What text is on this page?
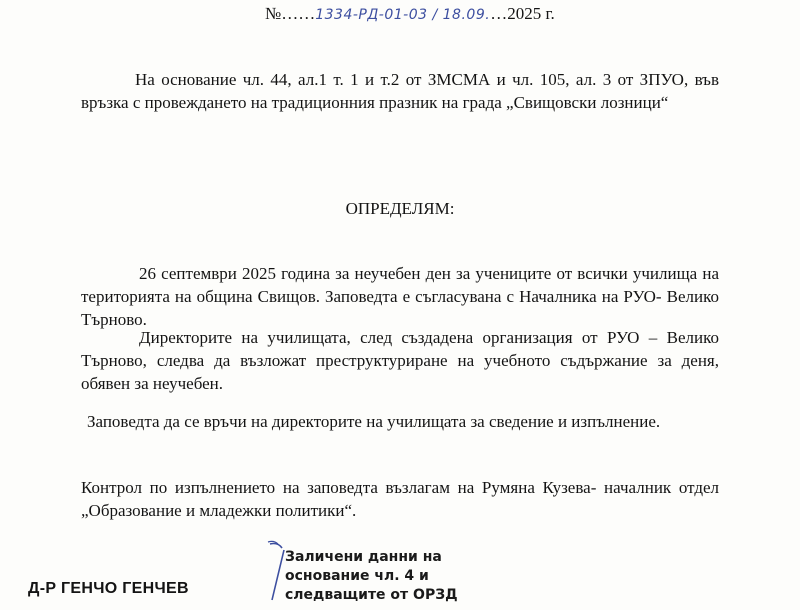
№……1334-РД-01-03 / 18.09.…2025 г.
На основание чл. 44, ал.1 т. 1 и т.2 от ЗМСМА и чл. 105, ал. 3 от ЗПУО, във връзка с провеждането на традиционния празник на града „Свищовски лозници“
ОПРЕДЕЛЯМ:
26 септември 2025 година за неучебен ден за учениците от всички училища на територията на община Свищов. Заповедта е съгласувана с Началника на РУО- Велико Търново.
Директорите на училищата, след създадена организация от РУО – Велико Търново, следва да възложат преструктуриране на учебното съдържание за деня, обявен за неучебен.
Заповедта да се връчи на директорите на училищата за сведение и изпълнение.
Контрол по изпълнението на заповедта възлагам на Румяна Кузева- началник отдел „Образование и младежки политики“.
Заличени данни на
основание чл. 4 и
следващите от ОРЗД
Д-Р ГЕНЧО ГЕНЧЕВ
